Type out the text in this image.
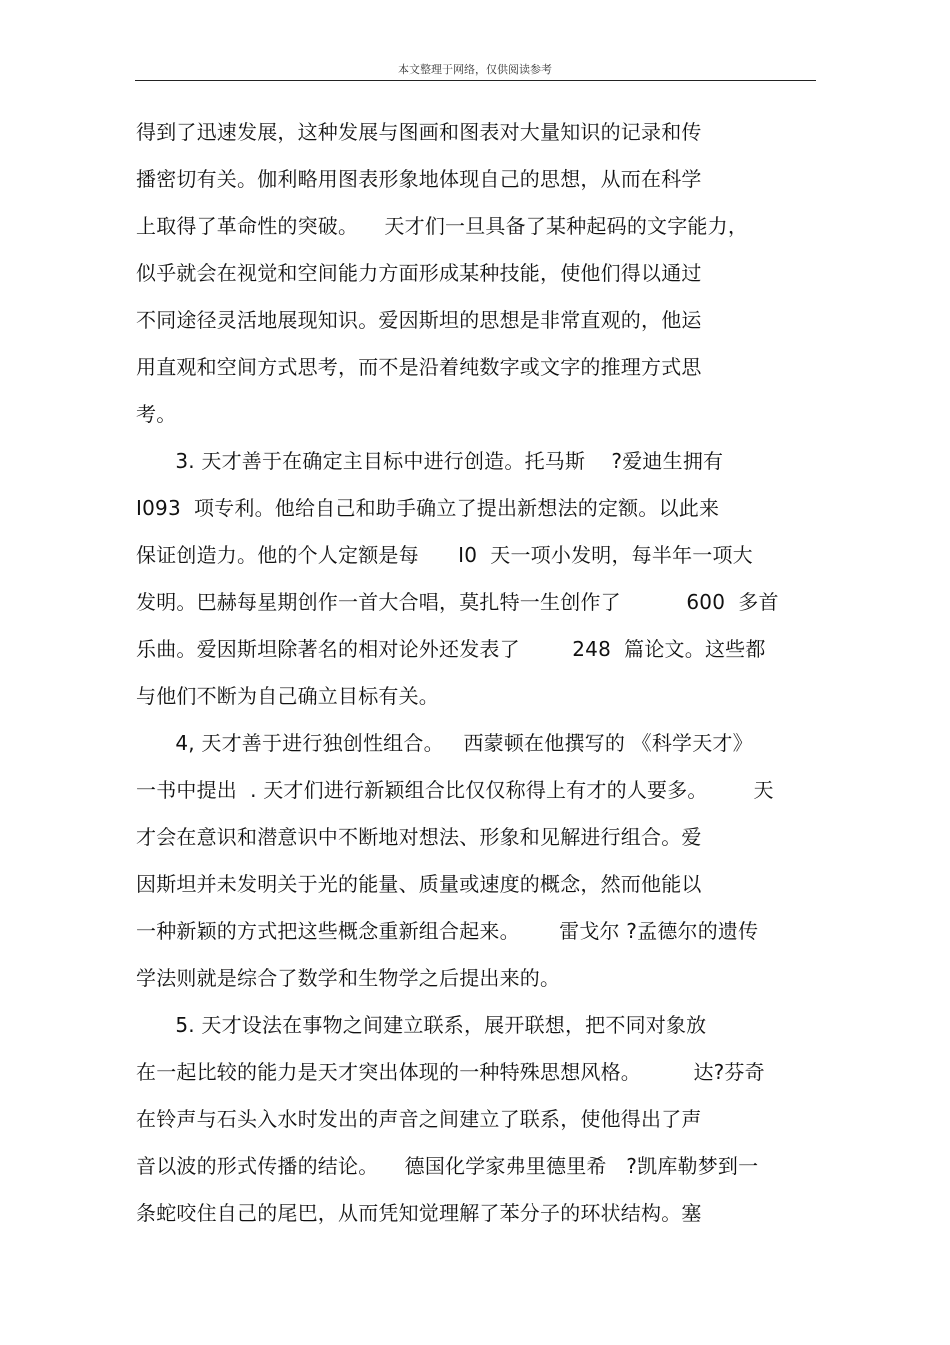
本文整理于网络，仅供阅读参考
得到了迅速发展，这种发展与图画和图表对大量知识的记录和传
播密切有关。伽利略用图表形象地体现自己的思想，从而在科学
上取得了革命性的突破。    天才们一旦具备了某种起码的文字能力，
似乎就会在视觉和空间能力方面形成某种技能，使他们得以通过
不同途径灵活地展现知识。爱因斯坦的思想是非常直观的，他运
用直观和空间方式思考，而不是沿着纯数字或文字的推理方式思
考。
3. 天才善于在确定主目标中进行创造。托马斯    ?爱迪生拥有
I093  项专利。他给自己和助手确立了提出新想法的定额。以此来
保证创造力。他的个人定额是每      I0  天一项小发明，每半年一项大
发明。巴赫每星期创作一首大合唱，莫扎特一生创作了          600  多首
乐曲。爱因斯坦除著名的相对论外还发表了        248  篇论文。这些都
与他们不断为自己确立目标有关。
4, 天才善于进行独创性组合。   西蒙顿在他撰写的 《科学天才》
一书中提出  . 天才们进行新颖组合比仅仅称得上有才的人要多。       天
才会在意识和潜意识中不断地对想法、形象和见解进行组合。爱
因斯坦并未发明关于光的能量、质量或速度的概念，然而他能以
一种新颖的方式把这些概念重新组合起来。      雷戈尔 ?孟德尔的遗传
学法则就是综合了数学和生物学之后提出来的。
5. 天才设法在事物之间建立联系，展开联想，把不同对象放
在一起比较的能力是天才突出体现的一种特殊思想风格。        达?芬奇
在铃声与石头入水时发出的声音之间建立了联系，使他得出了声
音以波的形式传播的结论。    德国化学家弗里德里希   ?凯库勒梦到一
条蛇咬住自己的尾巴，从而凭知觉理解了苯分子的环状结构。塞
